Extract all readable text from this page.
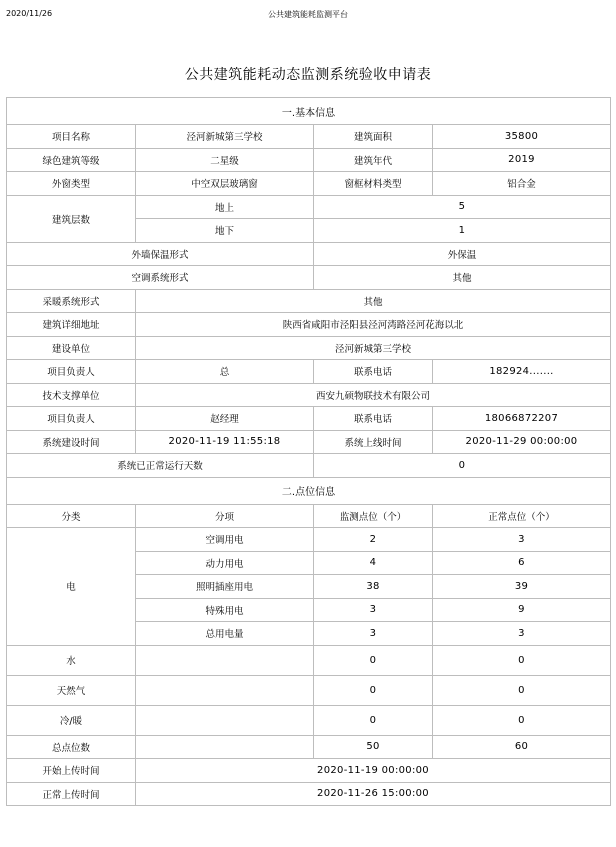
2020/11/26	公共建筑能耗监测平台
公共建筑能耗动态监测系统验收申请表
一.基本信息			
项目名称	泾河新城第三学校	建筑面积	35800
绿色建筑等级	二星级	建筑年代	2019
外窗类型	中空双层玻璃窗	窗框材料类型	铝合金
建筑层数	地上	5	
	地下	1	
外墙保温形式		外保温	
空调系统形式		其他	
采暖系统形式	其他		
建筑详细地址	陕西省咸阳市泾阳县泾河湾路泾河花海以北		
建设单位	泾河新城第三学校		
项目负责人	总	联系电话	182924.......
技术支撑单位	西安九硕物联技术有限公司		
项目负责人	赵经理	联系电话	18066872207
系统建设时间	2020-11-19 11:55:18	系统上线时间	2020-11-29 00:00:00
系统已正常运行天数		0	
二.点位信息			
分类	分项	监测点位（个）	正常点位（个）
电	空调用电	2	3
	动力用电	4	6
	照明插座用电	38	39
	特殊用电	3	9
	总用电量	3	3
水		0	0
天然气		0	0
冷/暖		0	0
总点位数		50	60
开始上传时间	2020-11-19 00:00:00		
正常上传时间	2020-11-26 15:00:00		
